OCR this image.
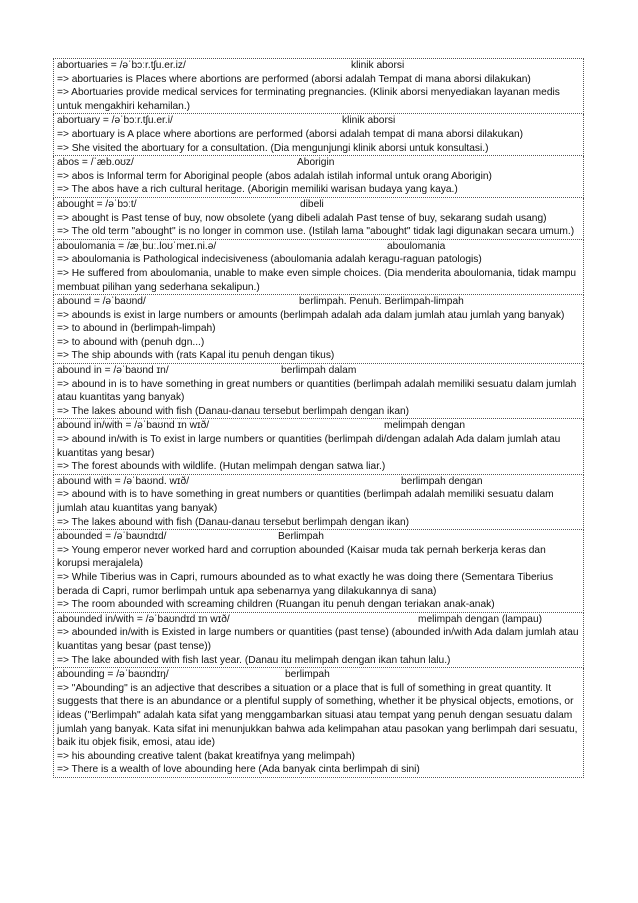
abortuaries = /əˈbɔːr.tʃu.er.iz/	klinik aborsi

=> abortuaries is Places where abortions are performed (aborsi adalah Tempat di mana aborsi dilakukan)

=> Abortuaries provide medical services for terminating pregnancies. (Klinik aborsi menyediakan layanan medis untuk mengakhiri kehamilan.)

abortuary = /əˈbɔːr.tʃu.er.i/	klinik aborsi

=> abortuary is A place where abortions are performed (aborsi adalah tempat di mana aborsi dilakukan)

=> She visited the abortuary for a consultation. (Dia mengunjungi klinik aborsi untuk konsultasi.)

abos = /ˈæb.oʊz/	Aborigin

=> abos is Informal term for Aboriginal people (abos adalah istilah informal untuk orang Aborigin)

=> The abos have a rich cultural heritage. (Aborigin memiliki warisan budaya yang kaya.)

abought = /əˈbɔːt/	dibeli

=> abought is Past tense of buy, now obsolete (yang dibeli adalah Past tense of buy, sekarang sudah usang)

=> The old term "abought" is no longer in common use. (Istilah lama "abought" tidak lagi digunakan secara umum.)

aboulomania = /æˌbuː.loʊˈmeɪ.ni.ə/	aboulomania

=> aboulomania is Pathological indecisiveness (aboulomania adalah keragu-raguan patologis)

=> He suffered from aboulomania, unable to make even simple choices. (Dia menderita aboulomania, tidak mampu membuat pilihan yang sederhana sekalipun.)

abound = /əˈbaʊnd/	berlimpah. Penuh. Berlimpah-limpah

=> abounds is exist in large numbers or amounts (berlimpah adalah ada dalam jumlah atau jumlah yang banyak)

=> to abound in (berlimpah-limpah)

=> to abound with (penuh dgn...)

=> The ship abounds with (rats Kapal itu penuh dengan tikus)

abound in = /əˈbaʊnd ɪn/	berlimpah dalam

=> abound in is to have something in great numbers or quantities (berlimpah adalah memiliki sesuatu dalam jumlah atau kuantitas yang banyak)

=> The lakes abound with fish (Danau-danau tersebut berlimpah dengan ikan)

abound in/with = /əˈbaʊnd ɪn wɪð/	melimpah dengan

=> abound in/with is To exist in large numbers or quantities (berlimpah di/dengan adalah Ada dalam jumlah atau kuantitas yang besar)

=> The forest abounds with wildlife. (Hutan melimpah dengan satwa liar.)

abound with = /əˈbaʊnd. wɪð/	berlimpah dengan

=> abound with is to have something in great numbers or quantities (berlimpah adalah memiliki sesuatu dalam jumlah atau kuantitas yang banyak)

=> The lakes abound with fish (Danau-danau tersebut berlimpah dengan ikan)

abounded = /əˈbaʊndɪd/	Berlimpah

=> Young emperor never worked hard and corruption abounded (Kaisar muda tak pernah berkerja keras dan korupsi merajalela)

=> While Tiberius was in Capri, rumours abounded as to what exactly he was doing there (Sementara Tiberius berada di Capri, rumor berlimpah untuk apa sebenarnya yang dilakukannya di sana)

=> The room abounded with screaming children (Ruangan itu penuh dengan teriakan anak-anak)

abounded in/with = /əˈbaʊndɪd ɪn wɪð/	melimpah dengan (lampau)

=> abounded in/with is Existed in large numbers or quantities (past tense) (abounded in/with Ada dalam jumlah atau kuantitas yang besar (past tense))

=> The lake abounded with fish last year. (Danau itu melimpah dengan ikan tahun lalu.)

abounding = /əˈbaʊndɪŋ/	berlimpah

=> "Abounding" is an adjective that describes a situation or a place that is full of something in great quantity. It suggests that there is an abundance or a plentiful supply of something, whether it be physical objects, emotions, or ideas ("Berlimpah" adalah kata sifat yang menggambarkan situasi atau tempat yang penuh dengan sesuatu dalam jumlah yang banyak. Kata sifat ini menunjukkan bahwa ada kelimpahan atau pasokan yang berlimpah dari sesuatu, baik itu objek fisik, emosi, atau ide)

=> his abounding creative talent (bakat kreatifnya yang melimpah)

=> There is a wealth of love abounding here (Ada banyak cinta berlimpah di sini)
